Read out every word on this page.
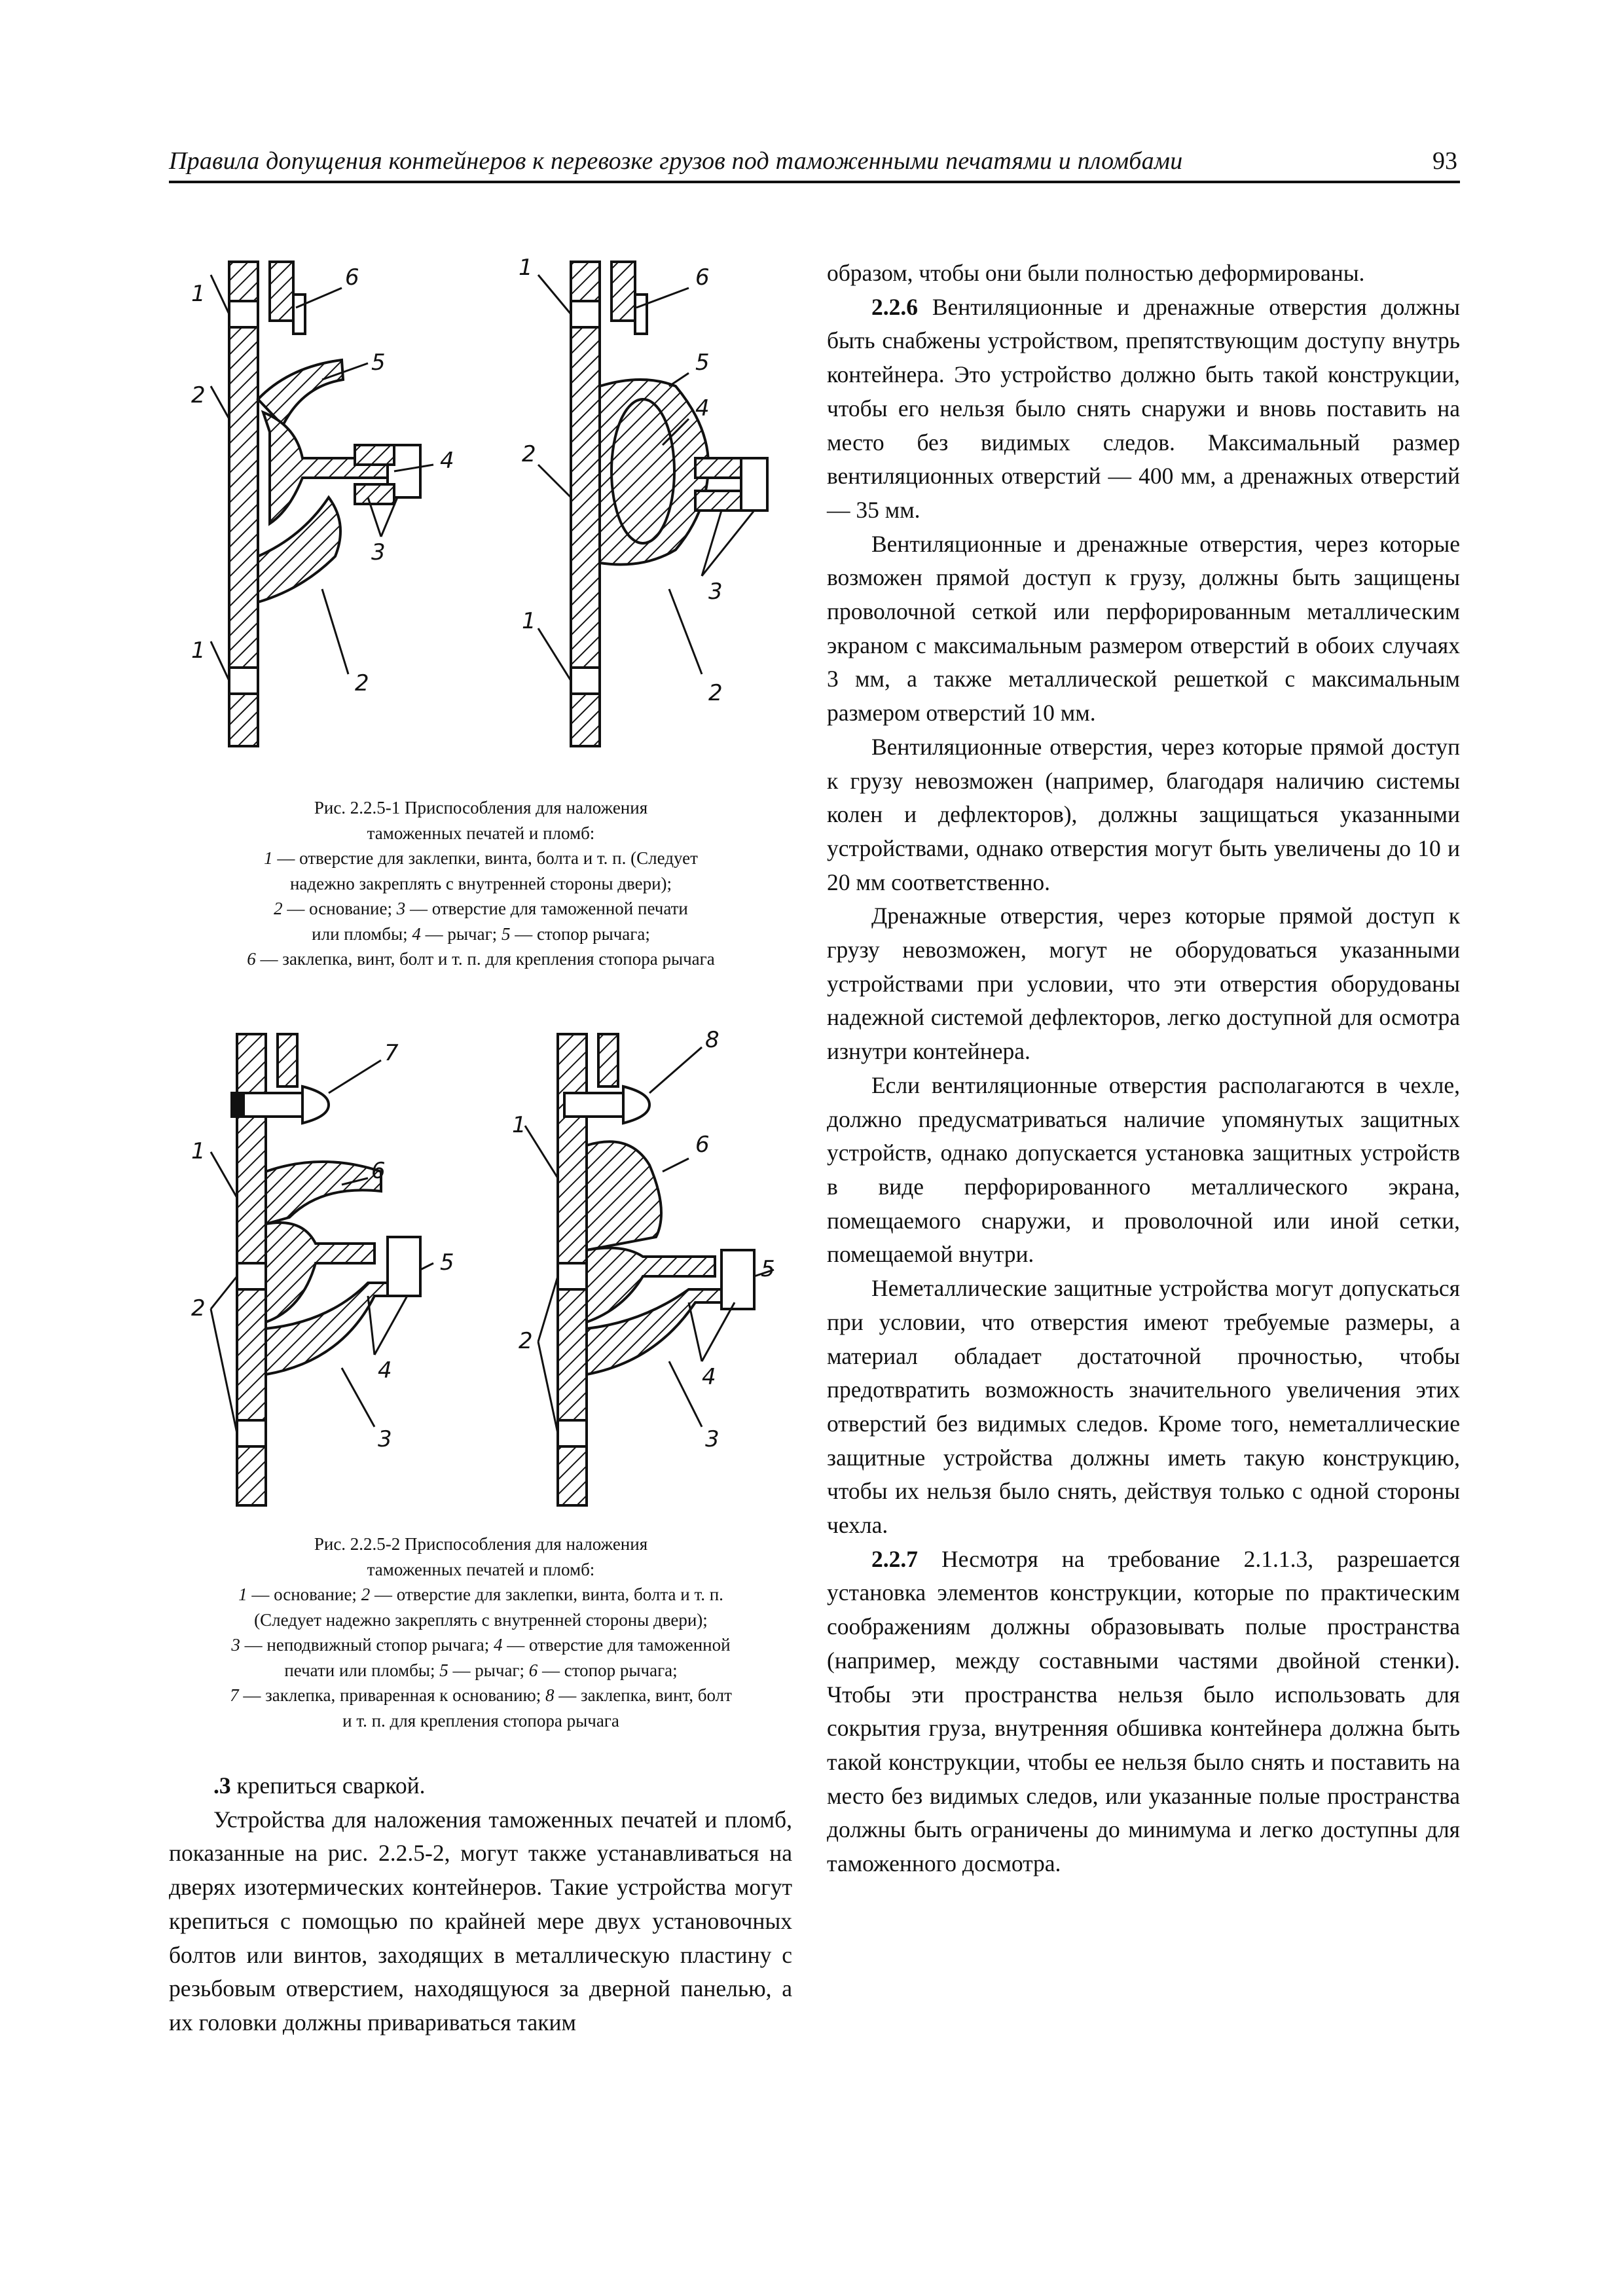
Правила допущения контейнеров к перевозке грузов под таможенными печатями и пломбами	93
6
1
5
2
4
3
1
2
1	6
5
2
4
3
1
2
Рис. 2.2.5-1 Приспособления для наложения
таможенных печатей и пломб:
1 — отверстие для заклепки, винта, болта и т. п. (Следует
надежно закреплять с внутренней стороны двери);
2 — основание; 3 — отверстие для таможенной печати
или пломбы; 4 — рычаг; 5 — стопор рычага;
6 — заклепка, винт, болт и т. п. для крепления стопора рычага
7
1
6
5
2
4
3
8
1
6
5
2
4
3
Рис. 2.2.5-2 Приспособления для наложения
таможенных печатей и пломб:
1 — основание; 2 — отверстие для заклепки, винта, болта и т. п.
(Следует надежно закреплять с внутренней стороны двери);
3 — неподвижный стопор рычага; 4 — отверстие для таможенной
печати или пломбы; 5 — рычаг; 6 — стопор рычага;
7 — заклепка, приваренная к основанию; 8 — заклепка, винт, болт
и т. п. для крепления стопора рычага

.3 крепиться сваркой.

Устройства для наложения таможенных печатей и пломб, показанные на рис. 2.2.5-2, могут также устанавливаться на дверях изотермических контейнеров. Такие устройства могут крепиться с помощью по крайней мере двух установочных болтов или винтов, заходящих в металлическую пластину с резьбовым отверстием, находящуюся за дверной панелью, а их головки должны привариваться таким

образом, чтобы они были полностью деформированы.

2.2.6 Вентиляционные и дренажные отверстия должны быть снабжены устройством, препятствующим доступу внутрь контейнера. Это устройство должно быть такой конструкции, чтобы его нельзя было снять снаружи и вновь поставить на место без видимых следов. Максимальный размер вентиляционных отверстий — 400 мм, а дренажных отверстий — 35 мм.

Вентиляционные и дренажные отверстия, через которые возможен прямой доступ к грузу, должны быть защищены проволочной сеткой или перфорированным металлическим экраном с максимальным размером отверстий в обоих случаях 3 мм, а также металлической решеткой с максимальным размером отверстий 10 мм.

Вентиляционные отверстия, через которые прямой доступ к грузу невозможен (например, благодаря наличию системы колен и дефлекторов), должны защищаться указанными устройствами, однако отверстия могут быть увеличены до 10 и 20 мм соответственно.

Дренажные отверстия, через которые прямой доступ к грузу невозможен, могут не оборудоваться указанными устройствами при условии, что эти отверстия оборудованы надежной системой дефлекторов, легко доступной для осмотра изнутри контейнера.

Если вентиляционные отверстия располагаются в чехле, должно предусматриваться наличие упомянутых защитных устройств, однако допускается установка защитных устройств в виде перфорированного металлического экрана, помещаемого снаружи, и проволочной или иной сетки, помещаемой внутри.

Неметаллические защитные устройства могут допускаться при условии, что отверстия имеют требуемые размеры, а материал обладает достаточной прочностью, чтобы предотвратить возможность значительного увеличения этих отверстий без видимых следов. Кроме того, неметаллические защитные устройства должны иметь такую конструкцию, чтобы их нельзя было снять, действуя только с одной стороны чехла.

2.2.7 Несмотря на требование 2.1.1.3, разрешается установка элементов конструкции, которые по практическим соображениям должны образовывать полые пространства (например, между составными частями двойной стенки). Чтобы эти пространства нельзя было использовать для сокрытия груза, внутренняя обшивка контейнера должна быть такой конструкции, чтобы ее нельзя было снять и поставить на место без видимых следов, или указанные полые пространства должны быть ограничены до минимума и легко доступны для таможенного досмотра.
